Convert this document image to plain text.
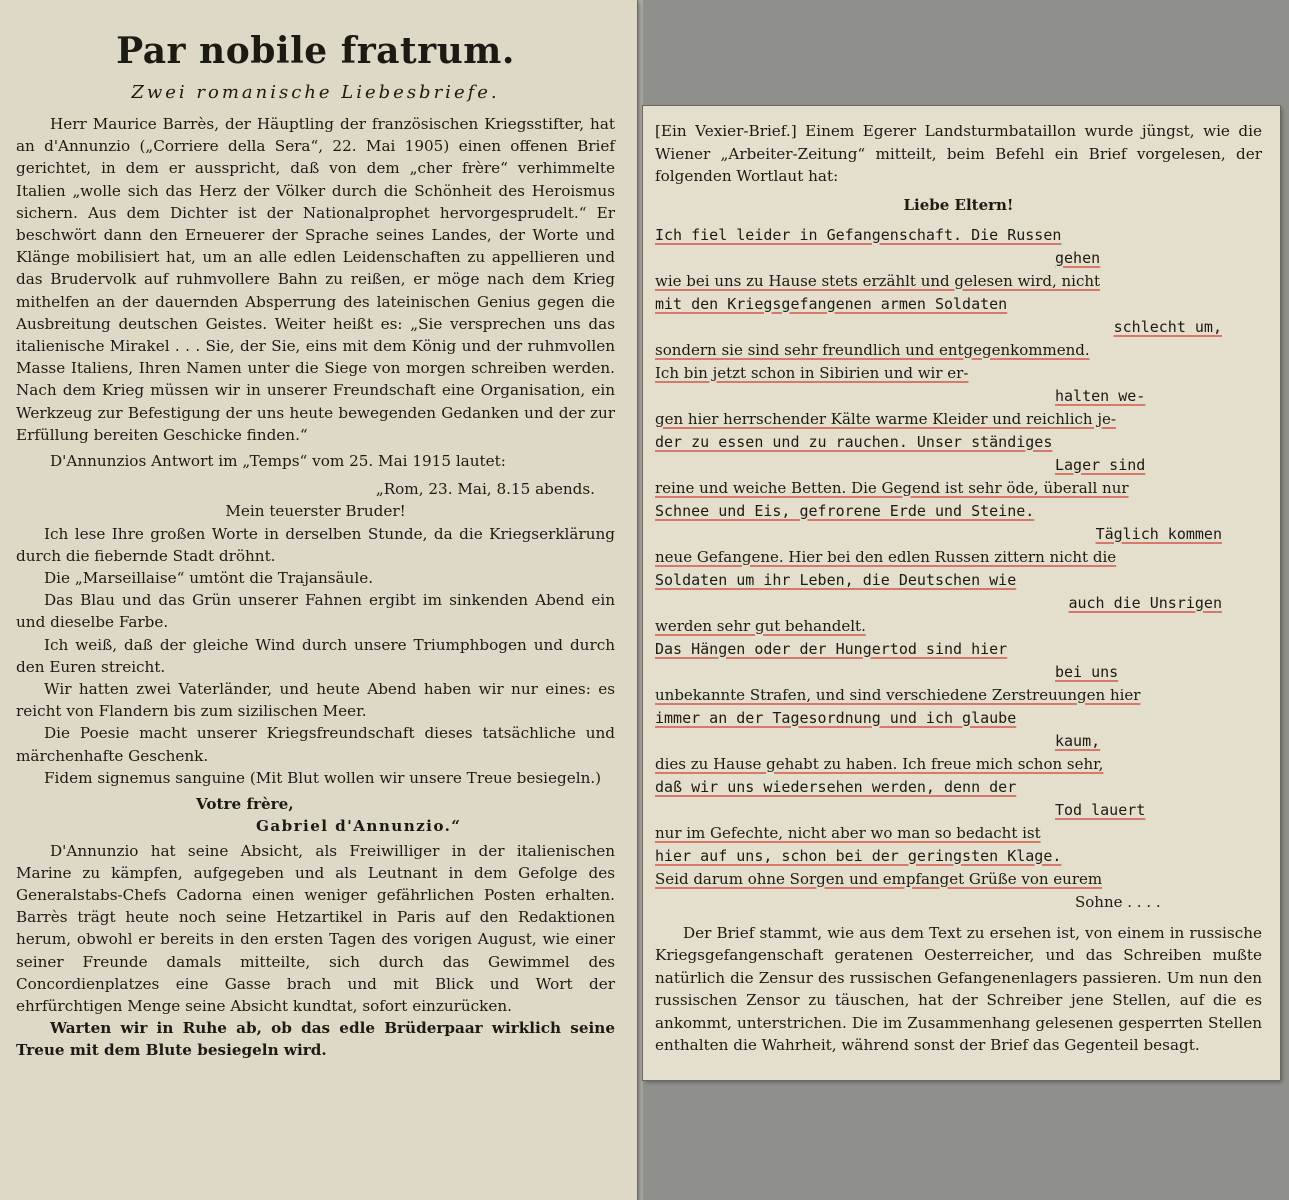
Par nobile fratrum.
Zwei romanische Liebesbriefe.

Herr Maurice Barrès, der Häuptling der französischen Kriegsstifter, hat an d'Annunzio („Corriere della Sera“, 22. Mai 1905) einen offenen Brief gerichtet, in dem er ausspricht, daß von dem „cher frère“ verhimmelte Italien „wolle sich das Herz der Völker durch die Schönheit des Heroismus sichern. Aus dem Dichter ist der Nationalprophet hervorgesprudelt.“ Er beschwört dann den Erneuerer der Sprache seines Landes, der Worte und Klänge mobilisiert hat, um an alle edlen Leidenschaften zu appellieren und das Brudervolk auf ruhmvollere Bahn zu reißen, er möge nach dem Krieg mithelfen an der dauernden Absperrung des lateinischen Genius gegen die Ausbreitung deutschen Geistes. Weiter heißt es: „Sie versprechen uns das italienische Mirakel . . . Sie, der Sie, eins mit dem König und der ruhmvollen Masse Italiens, Ihren Namen unter die Siege von morgen schreiben werden. Nach dem Krieg müssen wir in unserer Freundschaft eine Organisation, ein Werkzeug zur Befestigung der uns heute bewegenden Gedanken und der zur Erfüllung bereiten Geschicke finden.“

D'Annunzios Antwort im „Temps“ vom 25. Mai 1915 lautet:

„Rom, 23. Mai, 8.15 abends.

Mein teuerster Bruder!

Ich lese Ihre großen Worte in derselben Stunde, da die Kriegserklärung durch die fiebernde Stadt dröhnt.

Die „Marseillaise“ umtönt die Trajansäule.

Das Blau und das Grün unserer Fahnen ergibt im sinkenden Abend ein und dieselbe Farbe.

Ich weiß, daß der gleiche Wind durch unsere Triumphbogen und durch den Euren streicht.

Wir hatten zwei Vaterländer, und heute Abend haben wir nur eines: es reicht von Flandern bis zum sizilischen Meer.

Die Poesie macht unserer Kriegsfreundschaft dieses tatsächliche und märchenhafte Geschenk.

Fidem signemus sanguine (Mit Blut wollen wir unsere Treue besiegeln.)

Votre frère,

Gabriel d'Annunzio.“

D'Annunzio hat seine Absicht, als Freiwilliger in der italienischen Marine zu kämpfen, aufgegeben und als Leutnant in dem Gefolge des Generalstabs-Chefs Cadorna einen weniger gefährlichen Posten erhalten. Barrès trägt heute noch seine Hetzartikel in Paris auf den Redaktionen herum, obwohl er bereits in den ersten Tagen des vorigen August, wie einer seiner Freunde damals mitteilte, sich durch das Gewimmel des Concordienplatzes eine Gasse brach und mit Blick und Wort der ehrfürchtigen Menge seine Absicht kundtat, sofort einzurücken.

Warten wir in Ruhe ab, ob das edle Brüderpaar wirklich seine Treue mit dem Blute besiegeln wird.

[Ein Vexier-Brief.] Einem Egerer Landsturmbataillon wurde jüngst, wie die Wiener „Arbeiter-Zeitung“ mitteilt, beim Befehl ein Brief vorgelesen, der folgenden Wortlaut hat:

Liebe Eltern!

Ich fiel leider in Gefangenschaft. Die Russen

gehen

wie bei uns zu Hause stets erzählt und gelesen wird, nicht

mit den Kriegsgefangenen armen Soldaten

schlecht um,

sondern sie sind sehr freundlich und entgegenkommend.

Ich bin jetzt schon in Sibirien und wir er-

halten we-

gen hier herrschender Kälte warme Kleider und reichlich je-

der zu essen und zu rauchen. Unser ständiges

Lager sind

reine und weiche Betten. Die Gegend ist sehr öde, überall nur

Schnee und Eis, gefrorene Erde und Steine.

Täglich kommen

neue Gefangene. Hier bei den edlen Russen zittern nicht die

Soldaten um ihr Leben, die Deutschen wie

auch die Unsrigen

werden sehr gut behandelt.

Das Hängen oder der Hungertod sind hier

bei uns

unbekannte Strafen, und sind verschiedene Zerstreuungen hier

immer an der Tagesordnung und ich glaube

kaum,

dies zu Hause gehabt zu haben. Ich freue mich schon sehr,

daß wir uns wiedersehen werden, denn der

Tod lauert

nur im Gefechte, nicht aber wo man so bedacht ist

hier auf uns, schon bei der geringsten Klage.

Seid darum ohne Sorgen und empfanget Grüße von eurem

Sohne . . . .

Der Brief stammt, wie aus dem Text zu ersehen ist, von einem in russische Kriegsgefangenschaft geratenen Oesterreicher, und das Schreiben mußte natürlich die Zensur des russischen Gefangenenlagers passieren. Um nun den russischen Zensor zu täuschen, hat der Schreiber jene Stellen, auf die es ankommt, unterstrichen. Die im Zusammenhang gelesenen gesperrten Stellen enthalten die Wahrheit, während sonst der Brief das Gegenteil besagt.
